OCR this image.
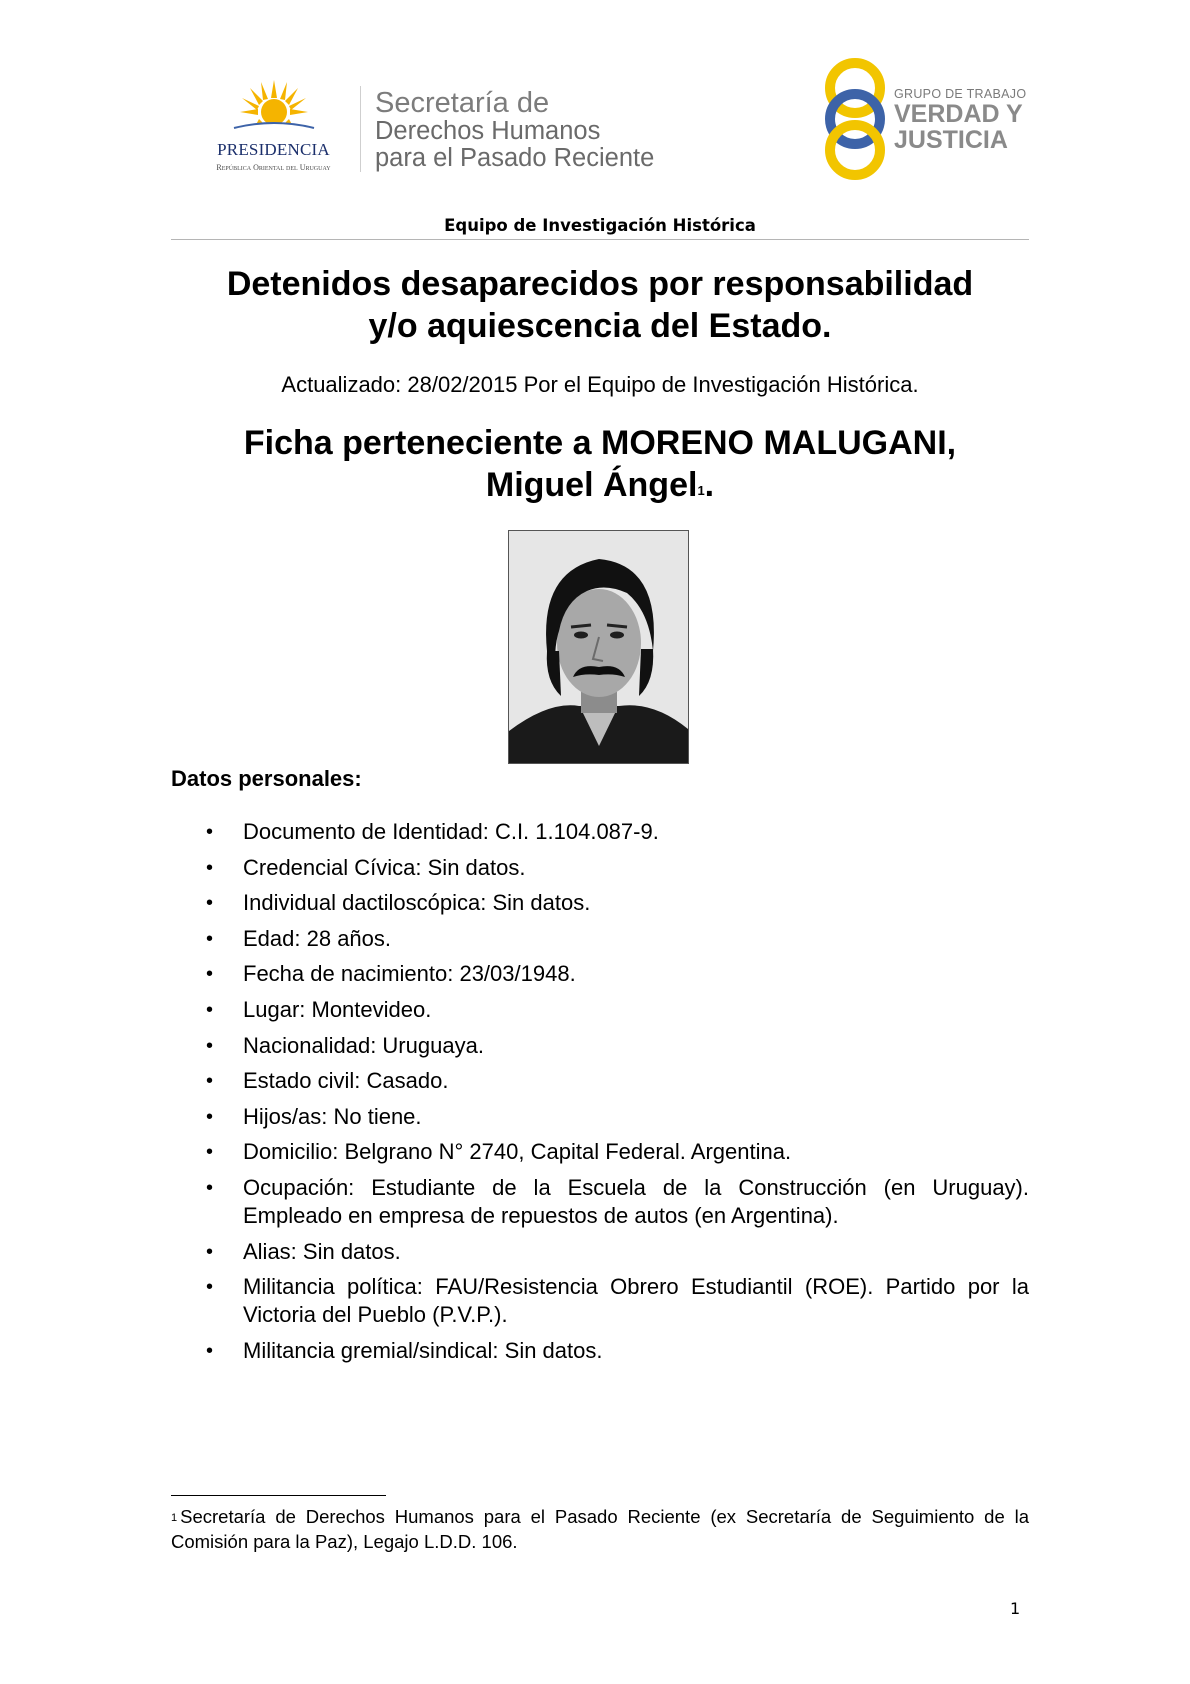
PRESIDENCIA
República Oriental del Uruguay
Secretaría de
Derechos Humanos
para el Pasado Reciente
GRUPO DE TRABAJO
VERDAD Y
JUSTICIA
Equipo de Investigación Histórica
Detenidos desaparecidos por responsabilidad
y/o aquiescencia del Estado.
Actualizado: 28/02/2015 Por el Equipo de Investigación Histórica.
Ficha perteneciente a MORENO MALUGANI,
Miguel Ángel$^1$.
Datos personales:
• Documento de Identidad: C.I. 1.104.087-9.
• Credencial Cívica: Sin datos.
• Individual dactiloscópica: Sin datos.
• Edad: 28 años.
• Fecha de nacimiento: 23/03/1948.
• Lugar: Montevideo.
• Nacionalidad: Uruguaya.
• Estado civil: Casado.
• Hijos/as: No tiene.
• Domicilio: Belgrano N° 2740, Capital Federal. Argentina.
• Ocupación: Estudiante de la Escuela de la Construcción (en Uruguay). Empleado en empresa de repuestos de autos (en Argentina).
• Alias: Sin datos.
• Militancia política: FAU/Resistencia Obrero Estudiantil (ROE). Partido por la Victoria del Pueblo (P.V.P.).
• Militancia gremial/sindical: Sin datos.
$^1$ Secretaría de Derechos Humanos para el Pasado Reciente (ex Secretaría de Seguimiento de la Comisión para la Paz), Legajo L.D.D. 106.
1
